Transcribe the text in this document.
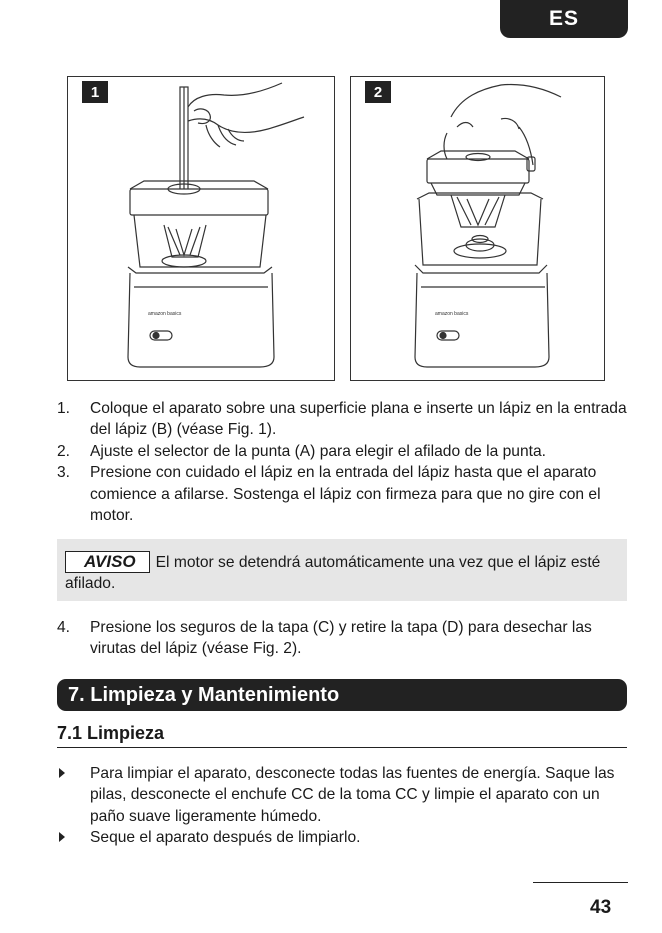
ES
amazon basics
1
amazon basics
2
1.	Coloque el aparato sobre una superficie plana e inserte un lápiz en la entrada del lápiz (B) (véase Fig. 1).
2.	Ajuste el selector de la punta (A) para elegir el afilado de la punta.
3.	Presione con cuidado el lápiz en la entrada del lápiz hasta que el aparato comience a afilarse. Sostenga el lápiz con firmeza para que no gire con el motor.
AVISO El motor se detendrá automáticamente una vez que el lápiz esté afilado.
4.	Presione los seguros de la tapa (C) y retire la tapa (D) para desechar las virutas del lápiz (véase Fig. 2).
7. Limpieza y Mantenimiento
7.1 Limpieza
Para limpiar el aparato, desconecte todas las fuentes de energía. Saque las pilas, desconecte el enchufe CC de la toma CC y limpie el aparato con un paño suave ligeramente húmedo.
Seque el aparato después de limpiarlo.
43
